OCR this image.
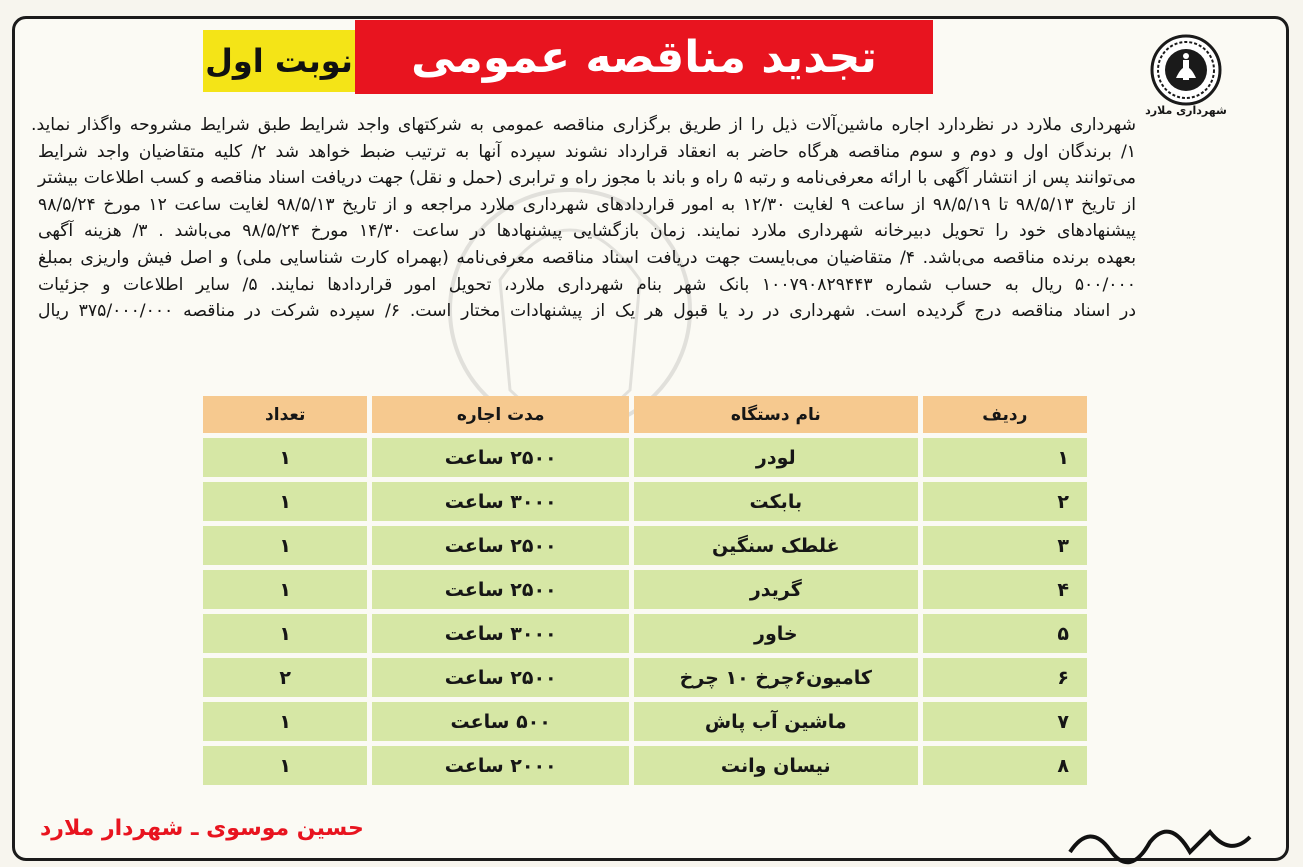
تجدید مناقصه عمومی
نوبت اول
شهرداری ملارد

شهرداری ملارد در نظردارد اجاره ماشین‌آلات ذیل را از طریق برگزاری مناقصه عمومی به شرکتهای واجد شرایط طبق شرایط مشروحه واگذار نماید.

۱/ برندگان اول و دوم و سوم مناقصه هرگاه حاضر به انعقاد قرارداد نشوند سپرده آنها به ترتیب ضبط خواهد شد ۲/ کلیه متقاضیان واجد شرایط

می‌توانند پس از انتشار آگهی با ارائه معرفی‌نامه و رتبه ۵ راه و باند با مجوز راه و ترابری (حمل و نقل) جهت دریافت اسناد مناقصه و کسب اطلاعات بیشتر

از تاریخ ۹۸/۵/۱۳ تا ۹۸/۵/۱۹ از ساعت ۹ لغایت ۱۲/۳۰ به امور قراردادهای شهرداری ملارد مراجعه و از تاریخ ۹۸/۵/۱۳ لغایت ساعت ۱۲ مورخ ۹۸/۵/۲۴

پیشنهادهای خود را تحویل دبیرخانه شهرداری ملارد نمایند. زمان بازگشایی پیشنهادها در ساعت ۱۴/۳۰ مورخ ۹۸/۵/۲۴ می‌باشد . ۳/ هزینه آگهی

بعهده برنده مناقصه می‌باشد. ۴/ متقاضیان می‌بایست جهت دریافت اسناد مناقصه معرفی‌نامه (بهمراه کارت شناسایی ملی) و اصل فیش واریزی بمبلغ

۵۰۰/۰۰۰ ریال به حساب شماره ۱۰۰۷۹۰۸۲۹۴۴۳ بانک شهر بنام شهرداری ملارد، تحویل امور قراردادها نمایند. ۵/ سایر اطلاعات و جزئیات

در اسناد مناقصه درج گردیده است. شهرداری در رد یا قبول هر یک از پیشنهادات مختار است. ۶/ سپرده شرکت در مناقصه ۳۷۵/۰۰۰/۰۰۰ ریال

ردیف	نام دستگاه	مدت اجاره	تعداد
۱	لودر	۲۵۰۰ ساعت	۱
۲	بابکت	۳۰۰۰ ساعت	۱
۳	غلطک سنگین	۲۵۰۰ ساعت	۱
۴	گریدر	۲۵۰۰ ساعت	۱
۵	خاور	۳۰۰۰ ساعت	۱
۶	کامیون۶چرخ ۱۰ چرخ	۲۵۰۰ ساعت	۲
۷	ماشین آب پاش	۵۰۰ ساعت	۱
۸	نیسان وانت	۲۰۰۰ ساعت	۱
حسین موسوی ـ شهردار ملارد
